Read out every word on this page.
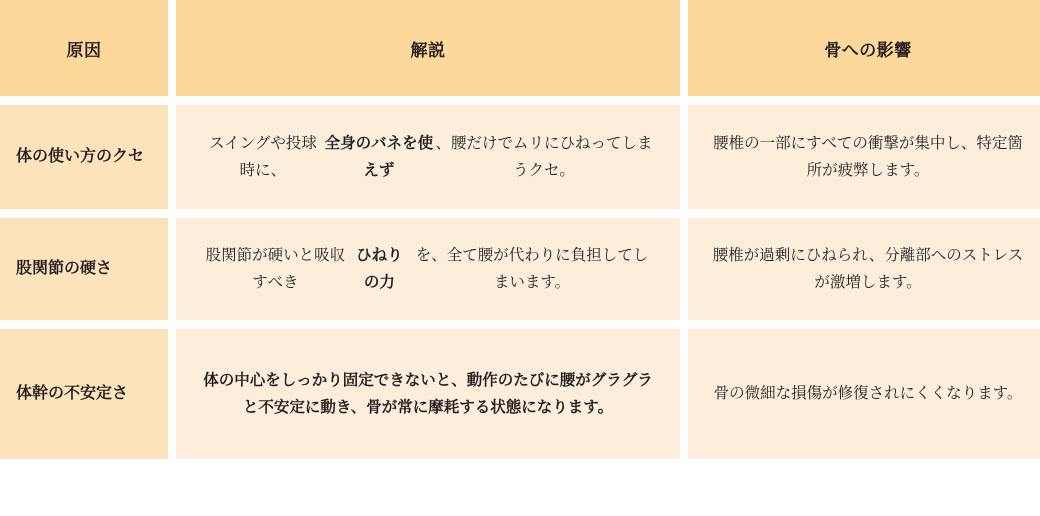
原因	解説	骨への影響

体の使い方のクセ	スイングや投球時に、
全身のバネを使えず
、腰だけでムリにひねってしまうクセ。	腰椎の一部にすべての衝撃が集中し、特定箇所が疲弊します。

股関節の硬さ	股関節が硬いと吸収すべき
ひねりの力
を、全て腰が代わりに負担してしまいます。	腰椎が過剰にひねられ、分離部へのストレスが激増します。

体幹の不安定さ	体の中心をしっかり固定できないと、動作のたびに腰がグラグラと不安定に動き、骨が常に摩耗する状態になります。	骨の微細な損傷が修復されにくくなります。
